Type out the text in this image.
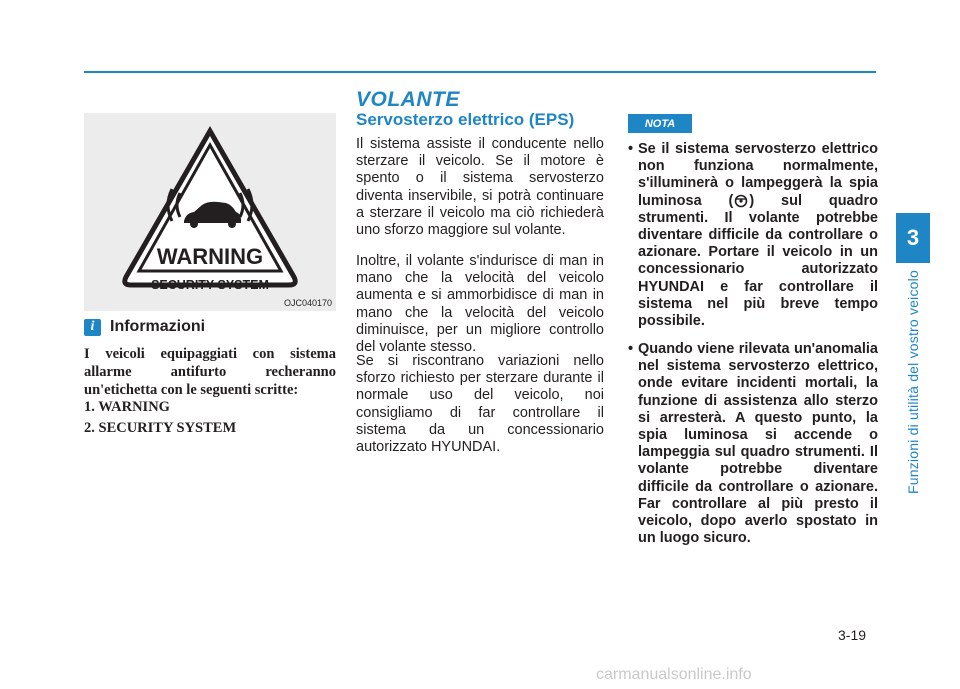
3
Funzioni di utilità del vostro veicolo
WARNING
SECURITY SYSTEM
OJC040170
i Informazioni
I veicoli equipaggiati con sistema allarme antifurto recheranno un'etichetta con le seguenti scritte:
1. WARNING
2. SECURITY SYSTEM
VOLANTE
Servosterzo elettrico (EPS)

Il sistema assiste il conducente nello sterzare il veicolo. Se il motore è spento o il sistema servosterzo diventa inservibile, si potrà continuare a sterzare il veicolo ma ciò richiederà uno sforzo maggiore sul volante.

Inoltre, il volante s'indurisce di man in mano che la velocità del veicolo aumenta e si ammorbidisce di man in mano che la velocità del veicolo diminuisce, per un migliore controllo del volante stesso.

Se si riscontrano variazioni nello sforzo richiesto per sterzare durante il normale uso del veicolo, noi consigliamo di far controllare il sistema da un concessionario autorizzato HYUNDAI.

NOTA
• Se il sistema servosterzo elettrico non funziona normalmente, s'illuminerà o lampeggerà la spia luminosa ( ) sul quadro strumenti. Il volante potrebbe diventare difficile da controllare o azionare. Portare il veicolo in un concessionario autorizzato HYUNDAI e far controllare il sistema nel più breve tempo possibile.
• Quando viene rilevata un'anomalia nel sistema servosterzo elettrico, onde evitare incidenti mortali, la funzione di assistenza allo sterzo si arresterà. A questo punto, la spia luminosa si accende o lampeggia sul quadro strumenti. Il volante potrebbe diventare difficile da controllare o azionare. Far controllare al più presto il veicolo, dopo averlo spostato in un luogo sicuro.
3-19
carmanualsonline.info
